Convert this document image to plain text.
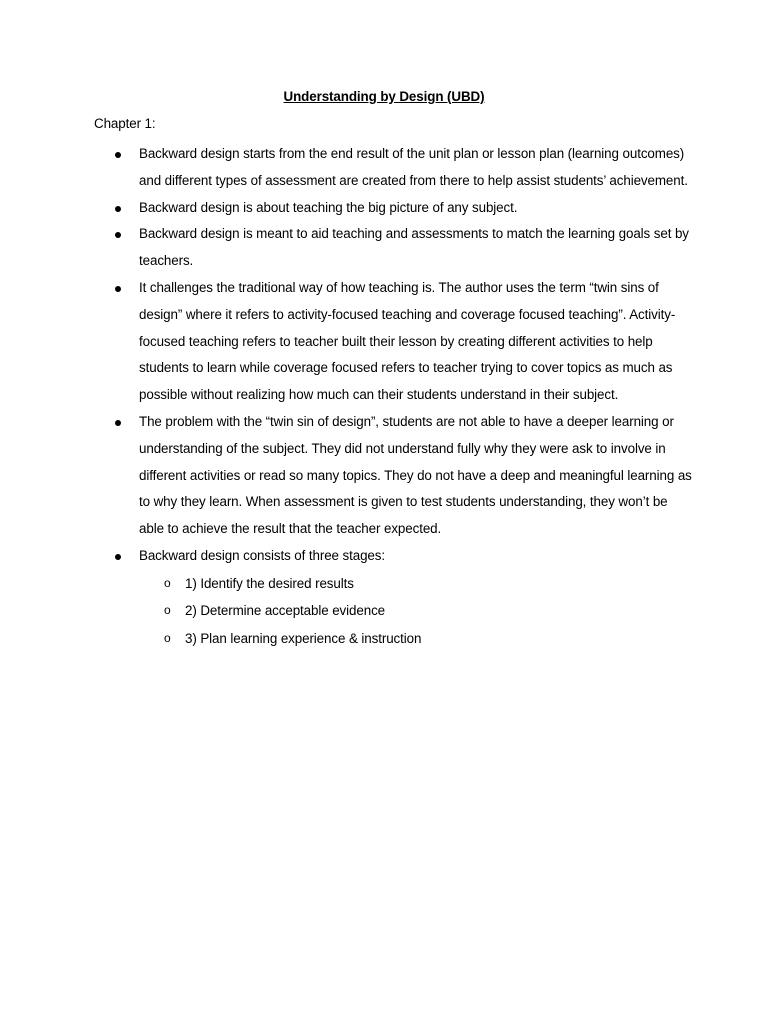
Understanding by Design (UBD)
Chapter 1:
Backward design starts from the end result of the unit plan or lesson plan (learning outcomes) and different types of assessment are created from there to help assist students’ achievement.
Backward design is about teaching the big picture of any subject.
Backward design is meant to aid teaching and assessments to match the learning goals set by teachers.
It challenges the traditional way of how teaching is. The author uses the term “twin sins of design” where it refers to activity-focused teaching and coverage focused teaching”. Activity-focused teaching refers to teacher built their lesson by creating different activities to help students to learn while coverage focused refers to teacher trying to cover topics as much as possible without realizing how much can their students understand in their subject.
The problem with the “twin sin of design”, students are not able to have a deeper learning or understanding of the subject. They did not understand fully why they were ask to involve in different activities or read so many topics. They do not have a deep and meaningful learning as to why they learn. When assessment is given to test students understanding, they won’t be able to achieve the result that the teacher expected.
Backward design consists of three stages:
o 1) Identify the desired results
o 2) Determine acceptable evidence
o 3) Plan learning experience & instruction
